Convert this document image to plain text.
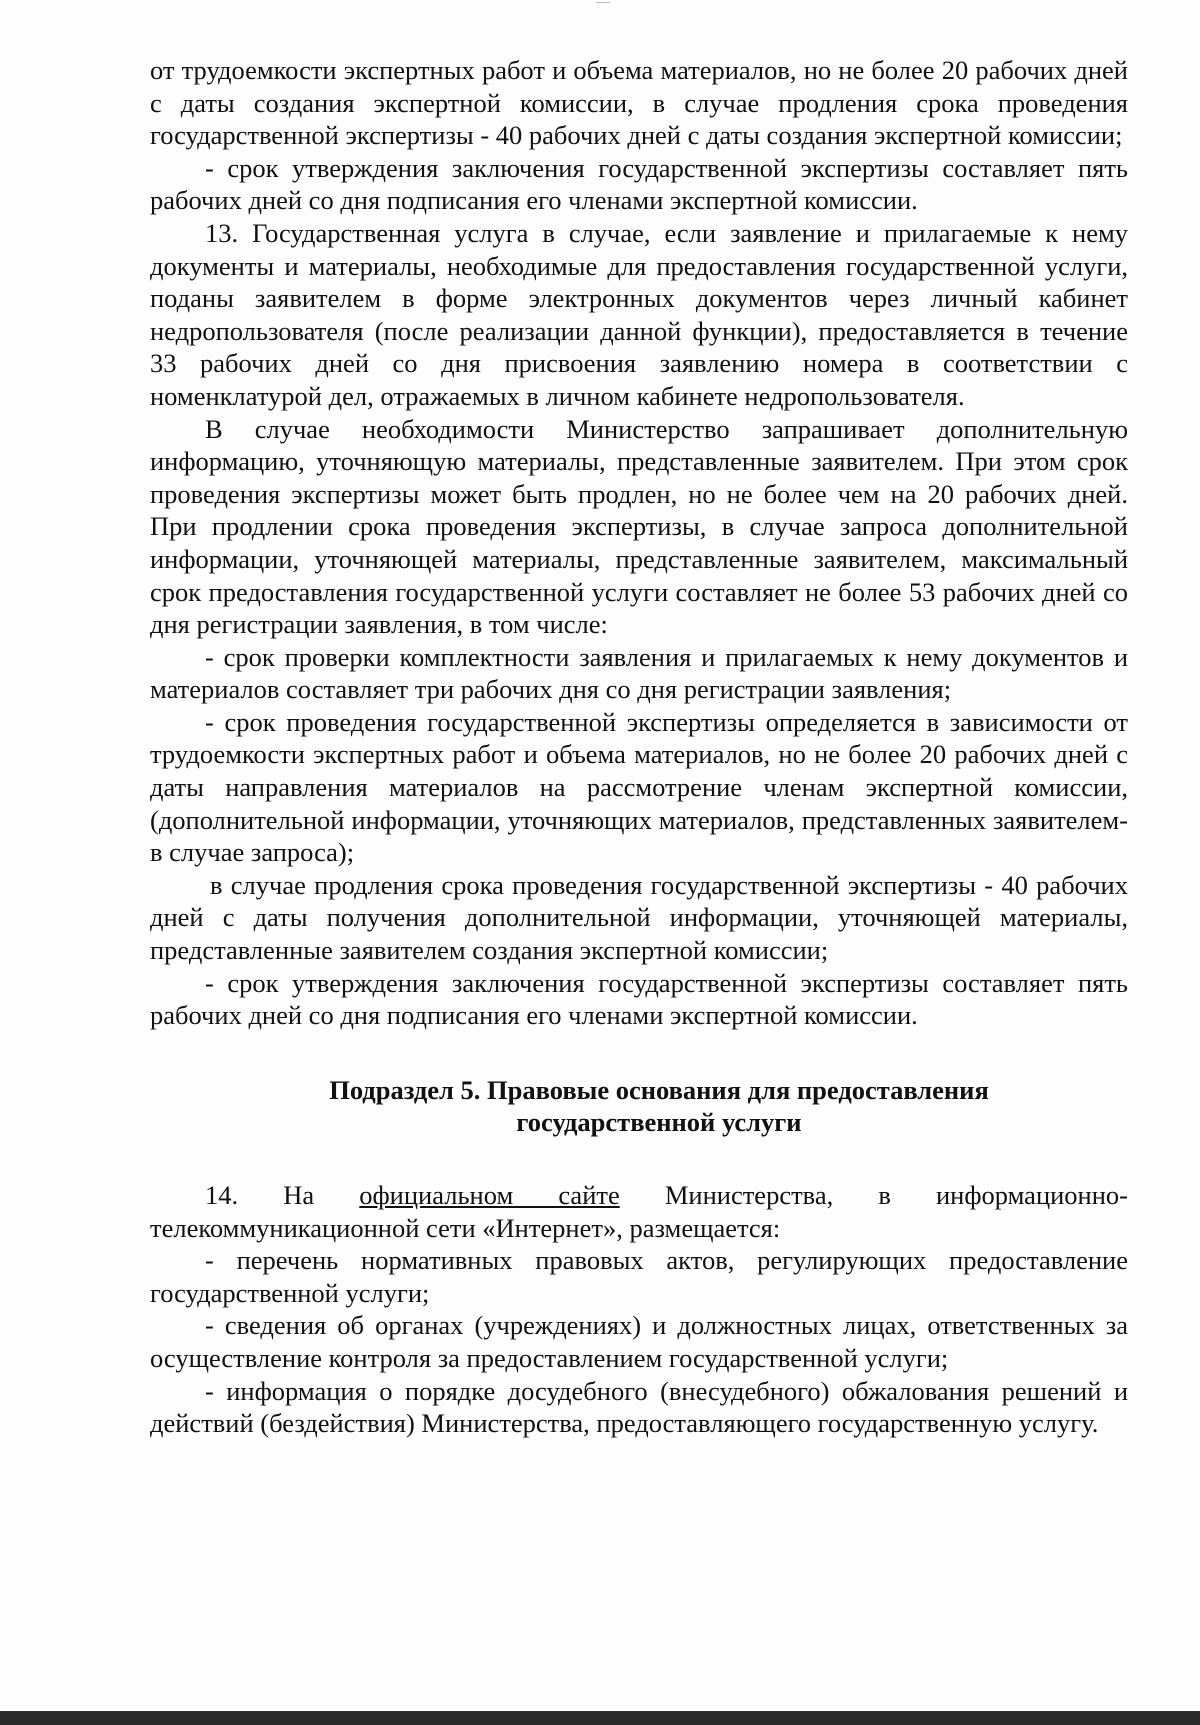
от трудоемкости экспертных работ и объема материалов, но не более 20 рабочих дней с даты создания экспертной комиссии, в случае продления срока проведения государственной экспертизы - 40 рабочих дней с даты создания экспертной комиссии;

- срок утверждения заключения государственной экспертизы составляет пять рабочих дней со дня подписания его членами экспертной комиссии.

13. Государственная услуга в случае, если заявление и прилагаемые к нему документы и материалы, необходимые для предоставления государственной услуги, поданы заявителем в форме электронных документов через личный кабинет недропользователя (после реализации данной функции), предоставляется в течение 33 рабочих дней со дня присвоения заявлению номера в соответствии с номенклатурой дел, отражаемых в личном кабинете недропользователя.

В случае необходимости Министерство запрашивает дополнительную информацию, уточняющую материалы, представленные заявителем. При этом срок проведения экспертизы может быть продлен, но не более чем на 20 рабочих дней. При продлении срока проведения экспертизы, в случае запроса дополнительной информации, уточняющей материалы, представленные заявителем, максимальный срок предоставления государственной услуги составляет не более 53 рабочих дней со дня регистрации заявления, в том числе:

- срок проверки комплектности заявления и прилагаемых к нему документов и материалов составляет три рабочих дня со дня регистрации заявления;

- срок проведения государственной экспертизы определяется в зависимости от трудоемкости экспертных работ и объема материалов, но не более 20 рабочих дней с даты направления материалов на рассмотрение членам экспертной комиссии, (дополнительной информации, уточняющих материалов, представленных заявителем- в случае запроса);

в случае продления срока проведения государственной экспертизы - 40 рабочих дней с даты получения дополнительной информации, уточняющей материалы, представленные заявителем создания экспертной комиссии;

- срок утверждения заключения государственной экспертизы составляет пять рабочих дней со дня подписания его членами экспертной комиссии.

Подраздел 5. Правовые основания для предоставления
государственной услуги

14. На официальном сайте Министерства, в информационно-телекоммуникационной сети «Интернет», размещается:

- перечень нормативных правовых актов, регулирующих предоставление государственной услуги;

- сведения об органах (учреждениях) и должностных лицах, ответственных за осуществление контроля за предоставлением государственной услуги;

- информация о порядке досудебного (внесудебного) обжалования решений и действий (бездействия) Министерства, предоставляющего государственную услугу.
